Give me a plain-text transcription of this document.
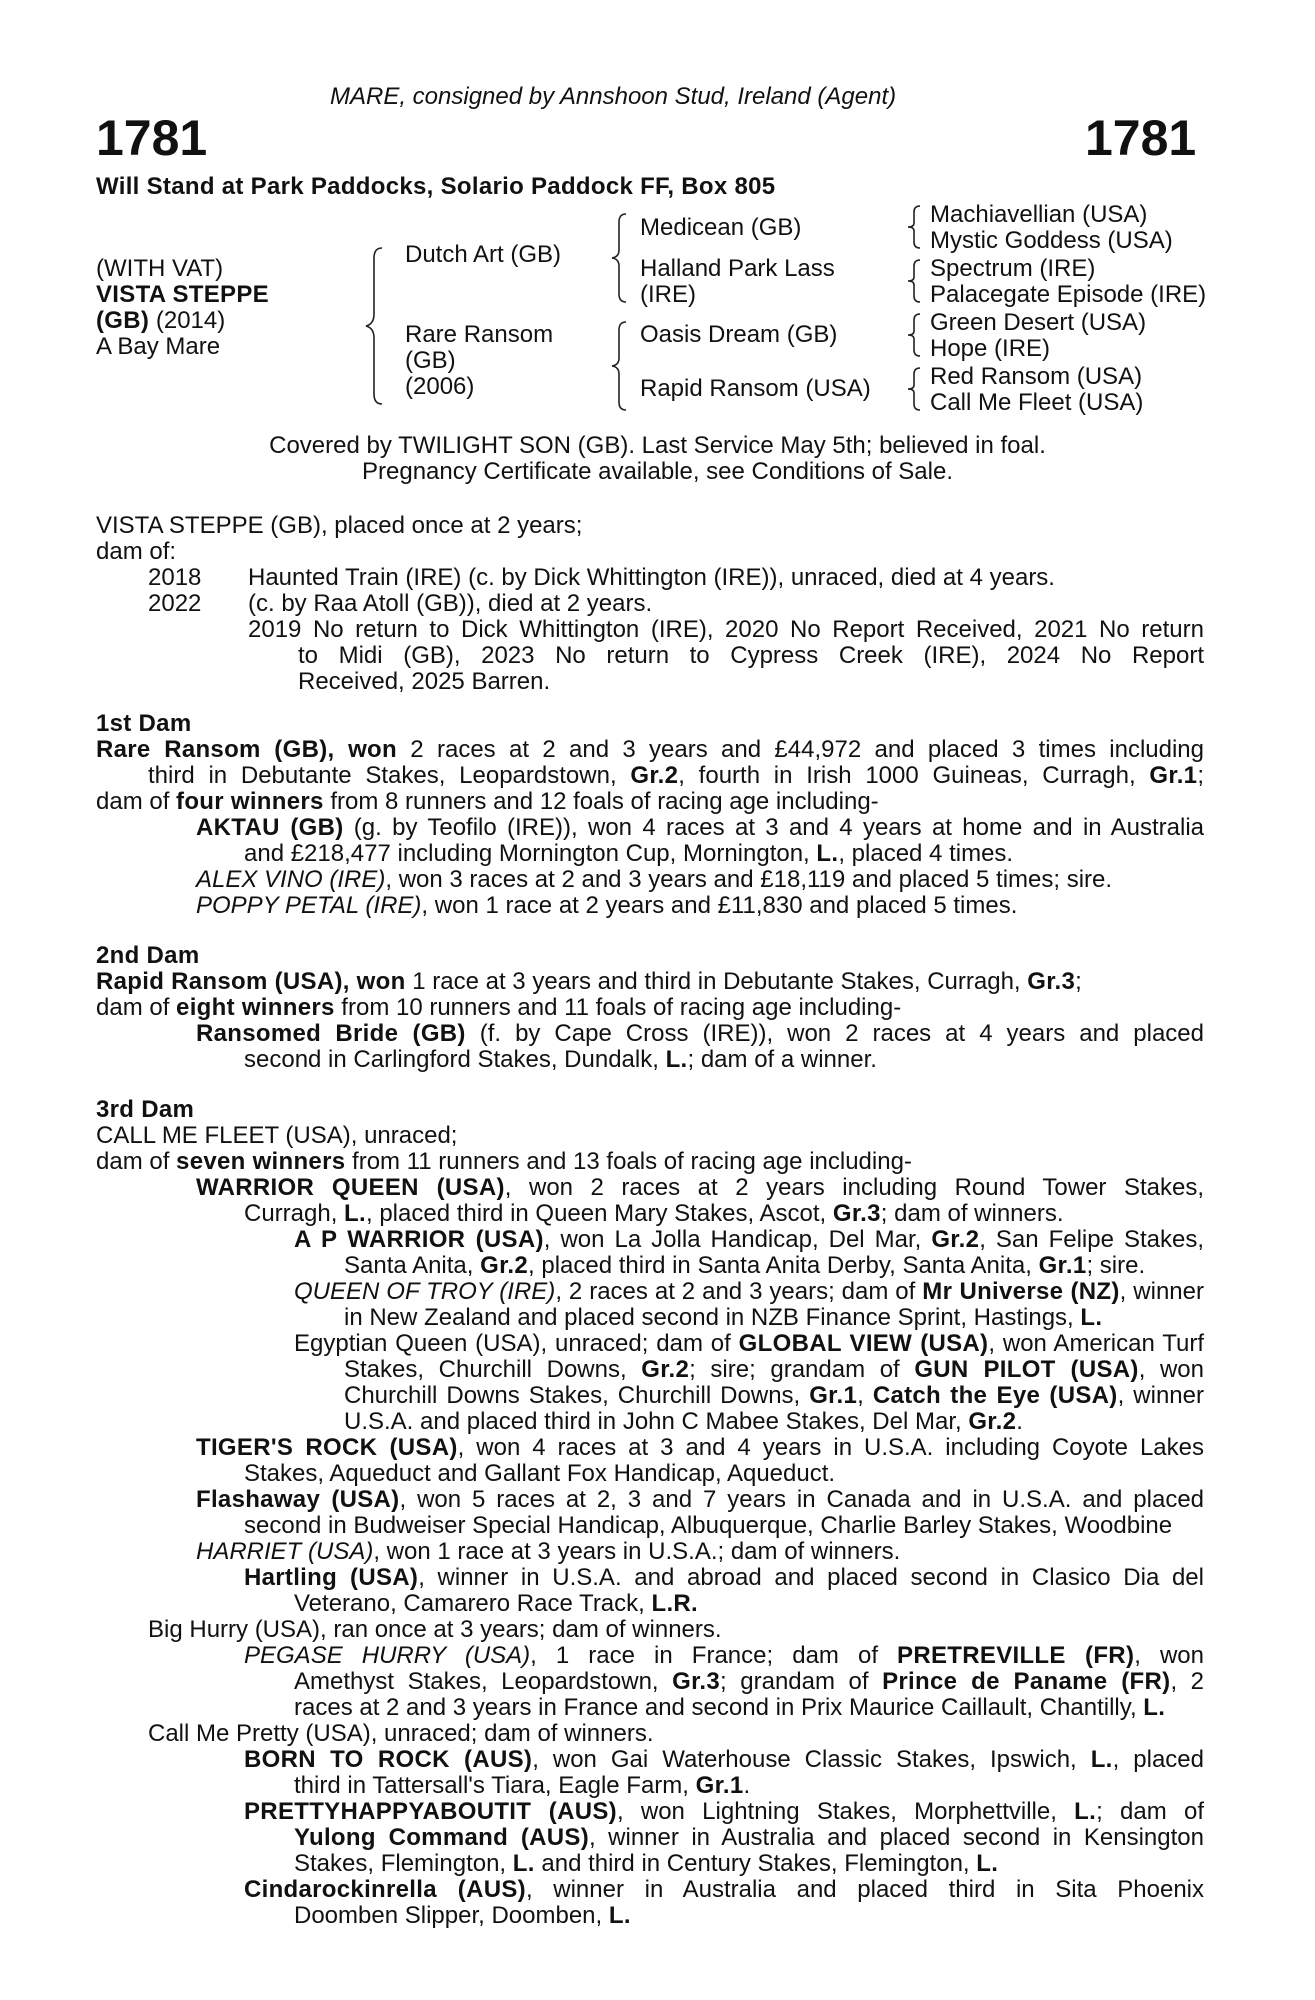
MARE, consigned by Annshoon Stud, Ireland (Agent)
1781	1781
Will Stand at Park Paddocks, Solario Paddock FF, Box 805
(WITH VAT)
VISTA STEPPE
(GB) (2014)
A Bay Mare
Dutch Art (GB)
Rare Ransom
(GB)
(2006)
Medicean (GB)
Halland Park Lass
(IRE)
Oasis Dream (GB)
Rapid Ransom (USA)
Machiavellian (USA)
Mystic Goddess (USA)
Spectrum (IRE)
Palacegate Episode (IRE)
Green Desert (USA)
Hope (IRE)
Red Ransom (USA)
Call Me Fleet (USA)
Covered by TWILIGHT SON (GB). Last Service May 5th; believed in foal.
Pregnancy Certificate available, see Conditions of Sale.
VISTA STEPPE (GB), placed once at 2 years;
dam of:
2018 Haunted Train (IRE) (c. by Dick Whittington (IRE)), unraced, died at 4 years.
2022 (c. by Raa Atoll (GB)), died at 2 years.
2019 No return to Dick Whittington (IRE), 2020 No Report Received, 2021 No return
to Midi (GB), 2023 No return to Cypress Creek (IRE), 2024 No Report
Received, 2025 Barren.
1st Dam
Rare Ransom (GB), won 2 races at 2 and 3 years and £44,972 and placed 3 times including
third in Debutante Stakes, Leopardstown, Gr.2, fourth in Irish 1000 Guineas, Curragh, Gr.1;
dam of four winners from 8 runners and 12 foals of racing age including-
AKTAU (GB) (g. by Teofilo (IRE)), won 4 races at 3 and 4 years at home and in Australia
and £218,477 including Mornington Cup, Mornington, L., placed 4 times.
ALEX VINO (IRE), won 3 races at 2 and 3 years and £18,119 and placed 5 times; sire.
POPPY PETAL (IRE), won 1 race at 2 years and £11,830 and placed 5 times.
2nd Dam
Rapid Ransom (USA), won 1 race at 3 years and third in Debutante Stakes, Curragh, Gr.3;
dam of eight winners from 10 runners and 11 foals of racing age including-
Ransomed Bride (GB) (f. by Cape Cross (IRE)), won 2 races at 4 years and placed
second in Carlingford Stakes, Dundalk, L.; dam of a winner.
3rd Dam
CALL ME FLEET (USA), unraced;
dam of seven winners from 11 runners and 13 foals of racing age including-
WARRIOR QUEEN (USA), won 2 races at 2 years including Round Tower Stakes,
Curragh, L., placed third in Queen Mary Stakes, Ascot, Gr.3; dam of winners.
A P WARRIOR (USA), won La Jolla Handicap, Del Mar, Gr.2, San Felipe Stakes,
Santa Anita, Gr.2, placed third in Santa Anita Derby, Santa Anita, Gr.1; sire.
QUEEN OF TROY (IRE), 2 races at 2 and 3 years; dam of Mr Universe (NZ), winner
in New Zealand and placed second in NZB Finance Sprint, Hastings, L.
Egyptian Queen (USA), unraced; dam of GLOBAL VIEW (USA), won American Turf
Stakes, Churchill Downs, Gr.2; sire; grandam of GUN PILOT (USA), won
Churchill Downs Stakes, Churchill Downs, Gr.1, Catch the Eye (USA), winner
U.S.A. and placed third in John C Mabee Stakes, Del Mar, Gr.2.
TIGER'S ROCK (USA), won 4 races at 3 and 4 years in U.S.A. including Coyote Lakes
Stakes, Aqueduct and Gallant Fox Handicap, Aqueduct.
Flashaway (USA), won 5 races at 2, 3 and 7 years in Canada and in U.S.A. and placed
second in Budweiser Special Handicap, Albuquerque, Charlie Barley Stakes, Woodbine
HARRIET (USA), won 1 race at 3 years in U.S.A.; dam of winners.
Hartling (USA), winner in U.S.A. and abroad and placed second in Clasico Dia del
Veterano, Camarero Race Track, L.R.
Big Hurry (USA), ran once at 3 years; dam of winners.
PEGASE HURRY (USA), 1 race in France; dam of PRETREVILLE (FR), won
Amethyst Stakes, Leopardstown, Gr.3; grandam of Prince de Paname (FR), 2
races at 2 and 3 years in France and second in Prix Maurice Caillault, Chantilly, L.
Call Me Pretty (USA), unraced; dam of winners.
BORN TO ROCK (AUS), won Gai Waterhouse Classic Stakes, Ipswich, L., placed
third in Tattersall's Tiara, Eagle Farm, Gr.1.
PRETTYHAPPYABOUTIT (AUS), won Lightning Stakes, Morphettville, L.; dam of
Yulong Command (AUS), winner in Australia and placed second in Kensington
Stakes, Flemington, L. and third in Century Stakes, Flemington, L.
Cindarockinrella (AUS), winner in Australia and placed third in Sita Phoenix
Doomben Slipper, Doomben, L.
